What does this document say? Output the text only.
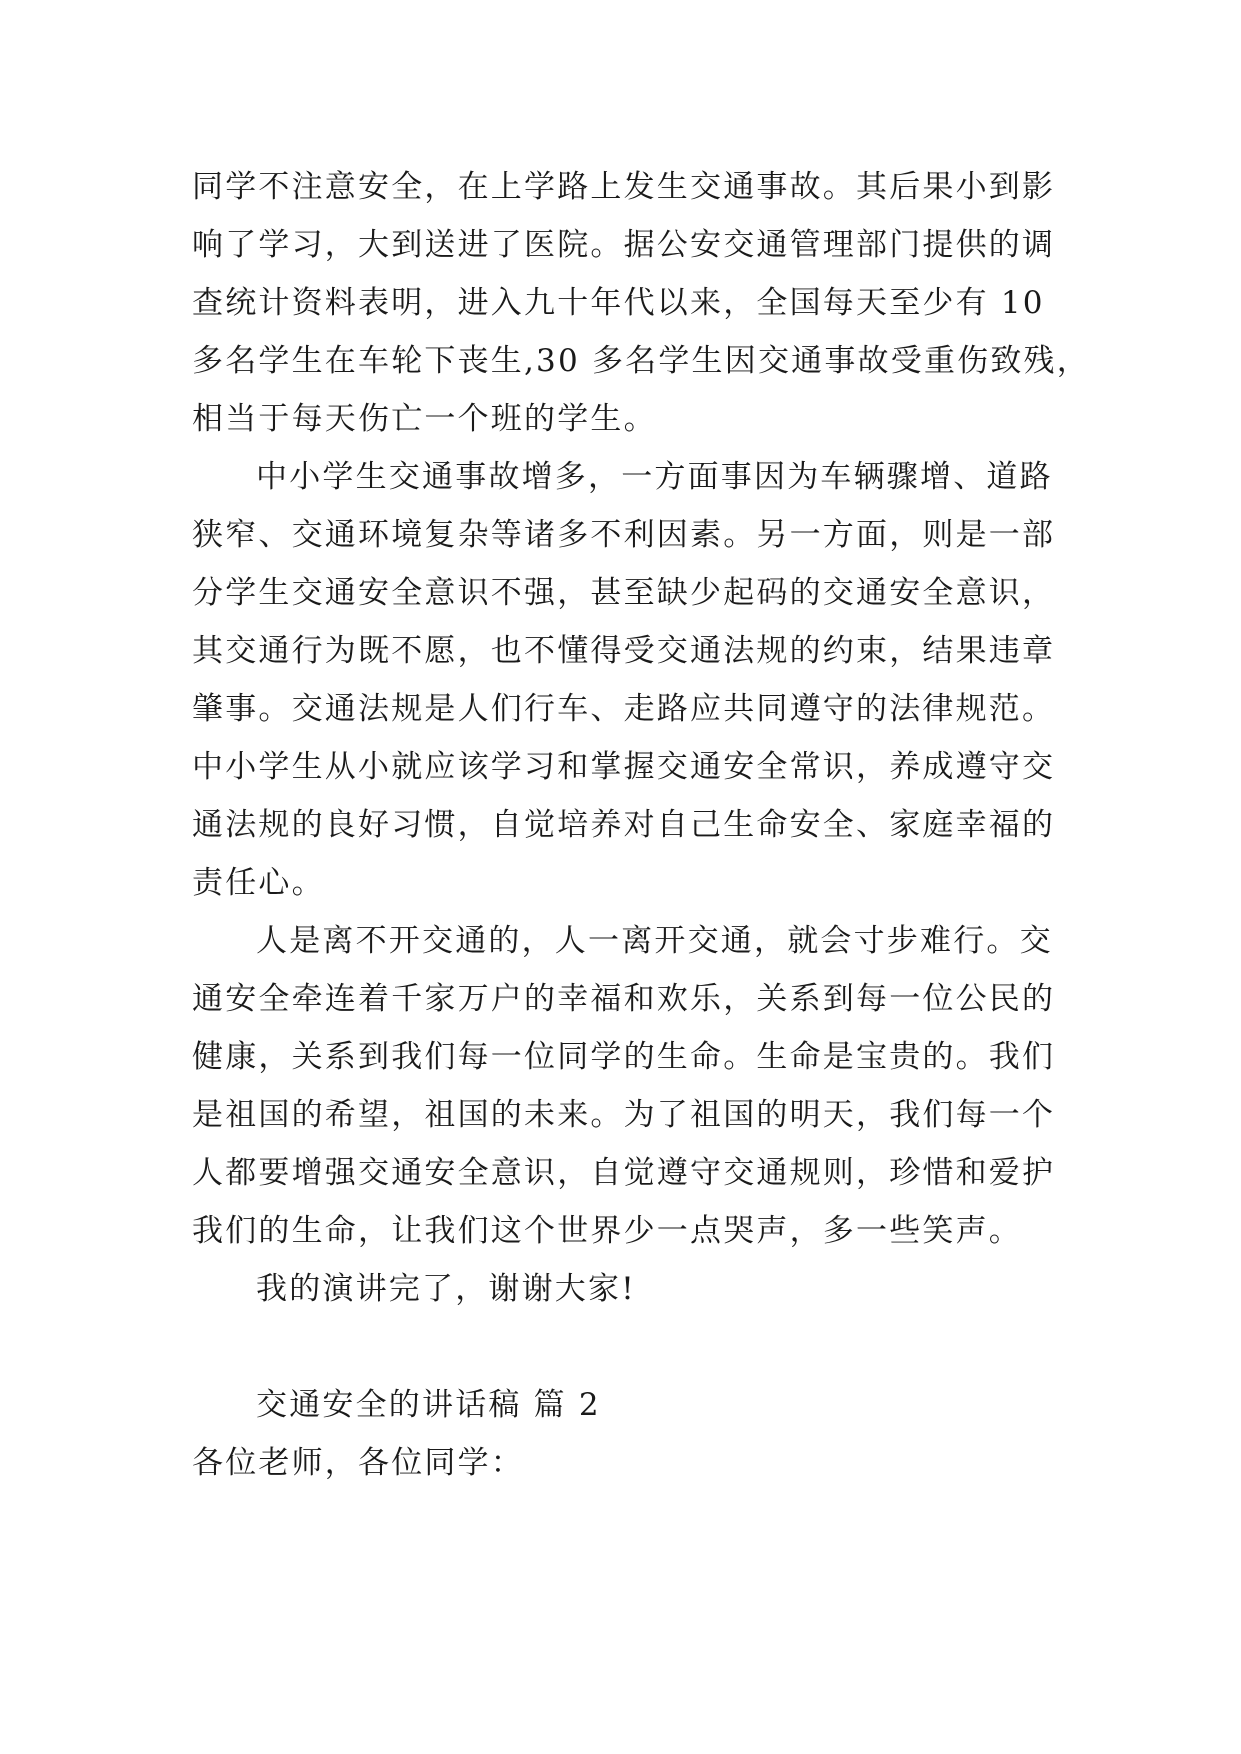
同学不注意安全，在上学路上发生交通事故。其后果小到影
响了学习，大到送进了医院。据公安交通管理部门提供的调
查统计资料表明，进入九十年代以来，全国每天至少有 10
多名学生在车轮下丧生,30 多名学生因交通事故受重伤致残，
相当于每天伤亡一个班的学生。
中小学生交通事故增多，一方面事因为车辆骤增、道路
狭窄、交通环境复杂等诸多不利因素。另一方面，则是一部
分学生交通安全意识不强，甚至缺少起码的交通安全意识，
其交通行为既不愿，也不懂得受交通法规的约束，结果违章
肇事。交通法规是人们行车、走路应共同遵守的法律规范。
中小学生从小就应该学习和掌握交通安全常识，养成遵守交
通法规的良好习惯，自觉培养对自己生命安全、家庭幸福的
责任心。
人是离不开交通的，人一离开交通，就会寸步难行。交
通安全牵连着千家万户的幸福和欢乐，关系到每一位公民的
健康，关系到我们每一位同学的生命。生命是宝贵的。我们
是祖国的希望，祖国的未来。为了祖国的明天，我们每一个
人都要增强交通安全意识，自觉遵守交通规则，珍惜和爱护
我们的生命，让我们这个世界少一点哭声，多一些笑声。
我的演讲完了，谢谢大家!
交通安全的讲话稿 篇 2
各位老师，各位同学：
